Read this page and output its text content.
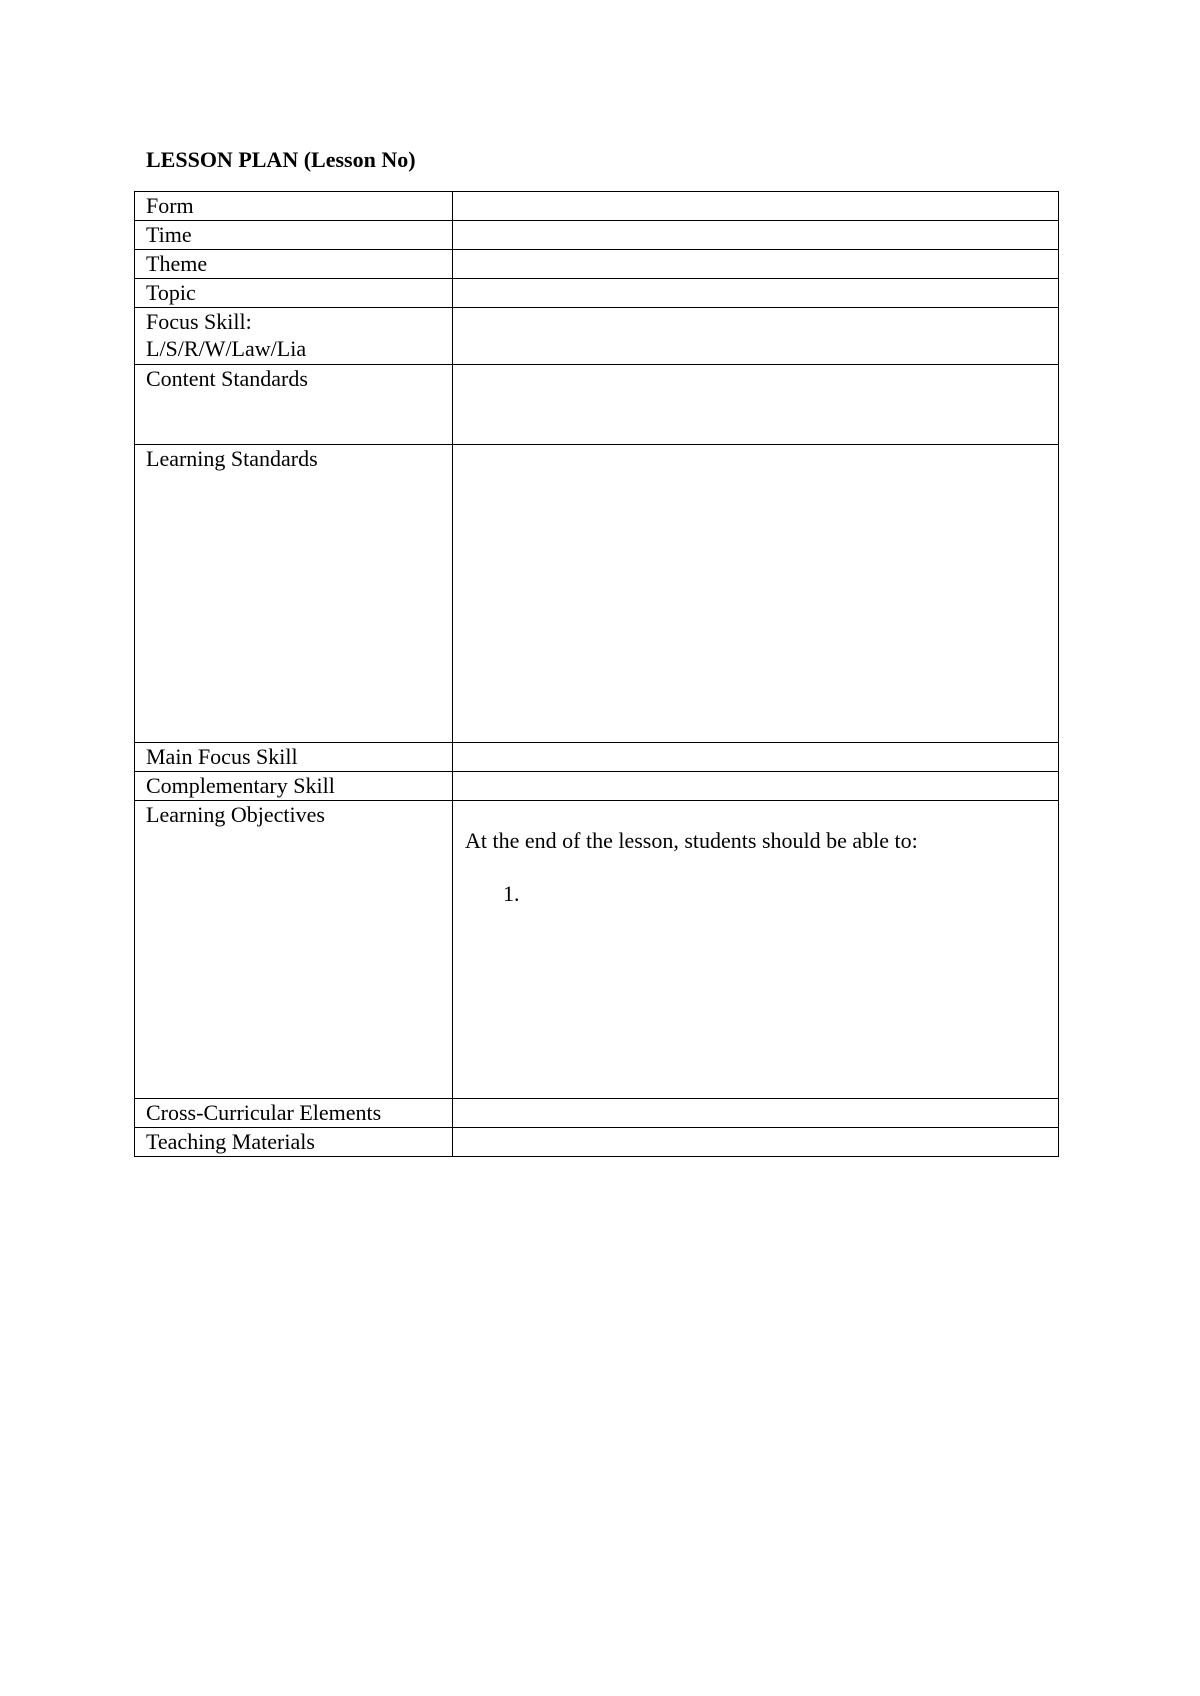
LESSON PLAN (Lesson No)
Form	
Time	
Theme	
Topic	

Focus Skill:
L/S/R/W/Law/Lia	

Content Standards	
Learning Standards	
Main Focus Skill	
Complementary Skill	
Learning Objectives	At the end of the lesson, students should be able to:
1.

Cross-Curricular Elements	
Teaching Materials	
